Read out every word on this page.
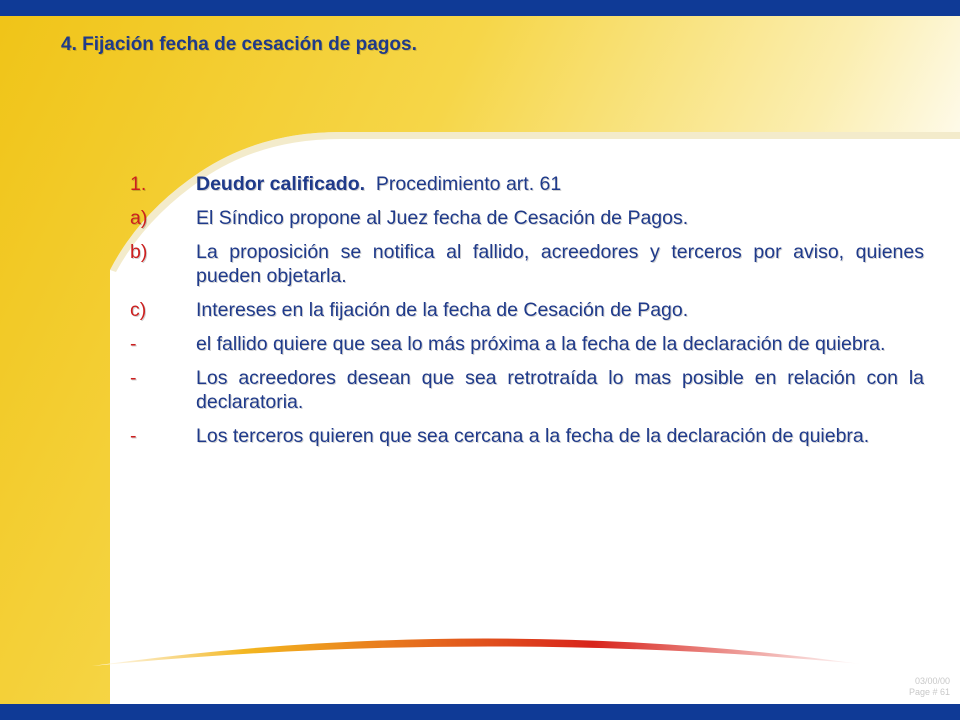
4. Fijación fecha de cesación de pagos.
1.	Deudor calificado.  Procedimiento art. 61
a)	El Síndico propone al Juez fecha de Cesación de Pagos.
b)	La proposición se notifica al fallido, acreedores y terceros por aviso, quienes pueden objetarla.
c)	Intereses en la fijación de la fecha de Cesación de Pago.
-	el fallido quiere que sea lo más próxima a la fecha de la declaración de quiebra.
-	Los acreedores desean que sea retrotraída lo mas posible en relación con la declaratoria.
-	Los terceros quieren que sea cercana a la fecha de la declaración de quiebra.
03/00/00
Page # 61
